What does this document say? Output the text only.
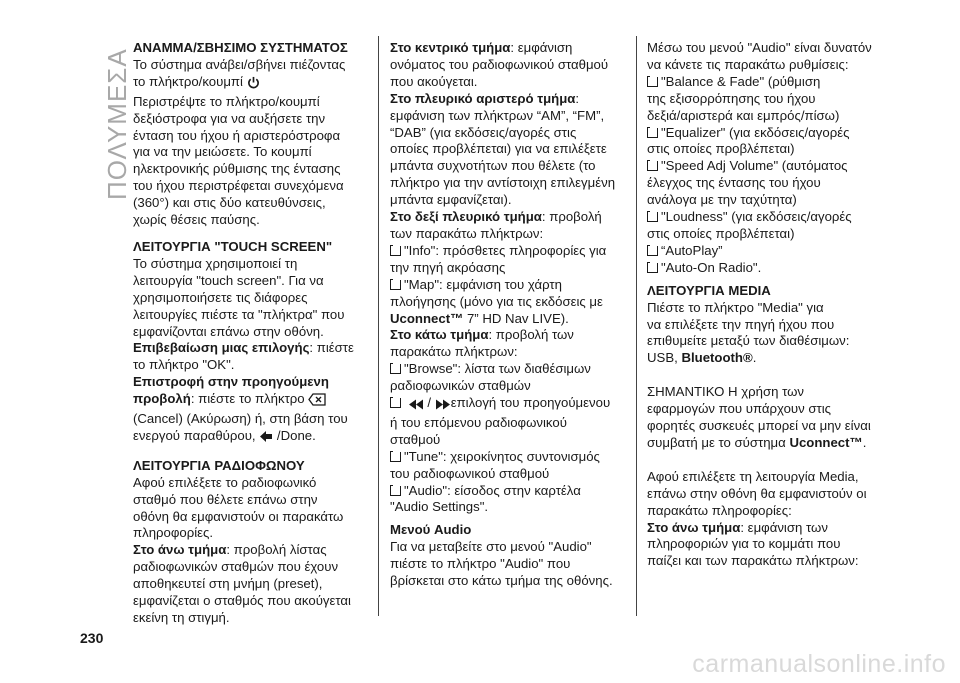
ΠΟΛΥΜΕΣΑ

ΑΝΑΜΜΑ/ΣΒΗΣΙΜΟ ΣΥΣΤΗΜΑΤΟΣ

Το σύστημα ανάβει/σβήνει πιέζοντας

το πλήκτρο/κουμπί

Περιστρέψτε το πλήκτρο/κουμπί

δεξιόστροφα για να αυξήσετε την

ένταση του ήχου ή αριστερόστροφα

για να την μειώσετε. Το κουμπί

ηλεκτρονικής ρύθμισης της έντασης

του ήχου περιστρέφεται συνεχόμενα

(360°) και στις δύο κατευθύνσεις,

χωρίς θέσεις παύσης.

ΛΕΙΤΟΥΡΓΙΑ "TOUCH SCREEN"

Το σύστημα χρησιμοποιεί τη

λειτουργία "touch screen". Για να

χρησιμοποιήσετε τις διάφορες

λειτουργίες πιέστε τα "πλήκτρα" που

εμφανίζονται επάνω στην οθόνη.

Επιβεβαίωση μιας επιλογής: πιέστε

το πλήκτρο "OK".

Επιστροφή στην προηγούμενη

προβολή: πιέστε το πλήκτρο

(Cancel) (Ακύρωση) ή, στη βάση του

ενεργού παραθύρου, /Done.

ΛΕΙΤΟΥΡΓΙΑ ΡΑΔΙΟΦΩΝΟΥ

Αφού επιλέξετε το ραδιοφωνικό

σταθμό που θέλετε επάνω στην

οθόνη θα εμφανιστούν οι παρακάτω

πληροφορίες.

Στο άνω τμήμα: προβολή λίστας

ραδιοφωνικών σταθμών που έχουν

αποθηκευτεί στη μνήμη (preset),

εμφανίζεται ο σταθμός που ακούγεται

εκείνη τη στιγμή.

Στο κεντρικό τμήμα: εμφάνιση

ονόματος του ραδιοφωνικού σταθμού

που ακούγεται.

Στο πλευρικό αριστερό τμήμα:

εμφάνιση των πλήκτρων “AM”, “FM”,

“DAB” (για εκδόσεις/αγορές στις

οποίες προβλέπεται) για να επιλέξετε

μπάντα συχνοτήτων που θέλετε (το

πλήκτρο για την αντίστοιχη επιλεγμένη

μπάντα εμφανίζεται).

Στο δεξί πλευρικό τμήμα: προβολή

των παρακάτω πλήκτρων:

"Info": πρόσθετες πληροφορίες για

την πηγή ακρόασης

"Map": εμφάνιση του χάρτη

πλοήγησης (μόνο για τις εκδόσεις με

Uconnect™ 7” HD Nav LIVE).

Στο κάτω τμήμα: προβολή των

παρακάτω πλήκτρων:

"Browse": λίστα των διαθέσιμων

ραδιοφωνικών σταθμών

/ επιλογή του προηγούμενου

ή του επόμενου ραδιοφωνικού

σταθμού

"Tune": χειροκίνητος συντονισμός

του ραδιοφωνικού σταθμού

"Audio": είσοδος στην καρτέλα

"Audio Settings".

Μενού Audio

Για να μεταβείτε στο μενού "Audio"

πιέστε το πλήκτρο "Audio" που

βρίσκεται στο κάτω τμήμα της οθόνης.

Μέσω του μενού "Audio" είναι δυνατόν

να κάνετε τις παρακάτω ρυθμίσεις:

"Balance & Fade" (ρύθμιση

της εξισορρόπησης του ήχου

δεξιά/αριστερά και εμπρός/πίσω)

"Equalizer" (για εκδόσεις/αγορές

στις οποίες προβλέπεται)

"Speed Adj Volume" (αυτόματος

έλεγχος της έντασης του ήχου

ανάλογα με την ταχύτητα)

"Loudness" (για εκδόσεις/αγορές

στις οποίες προβλέπεται)

“AutoPlay”

"Auto-On Radio".

ΛΕΙΤΟΥΡΓΙΑ MEDIA

Πιέστε το πλήκτρο "Media" για

να επιλέξετε την πηγή ήχου που

επιθυμείτε μεταξύ των διαθέσιμων:

USB, Bluetooth®.

ΣΗΜΑΝΤΙΚΟ Η χρήση των

εφαρμογών που υπάρχουν στις

φορητές συσκευές μπορεί να μην είναι

συμβατή με το σύστημα Uconnect™.

Αφού επιλέξετε τη λειτουργία Media,

επάνω στην οθόνη θα εμφανιστούν οι

παρακάτω πληροφορίες:

Στο άνω τμήμα: εμφάνιση των

πληροφοριών για το κομμάτι που

παίζει και των παρακάτω πλήκτρων:

230
carmanualsonline.info
